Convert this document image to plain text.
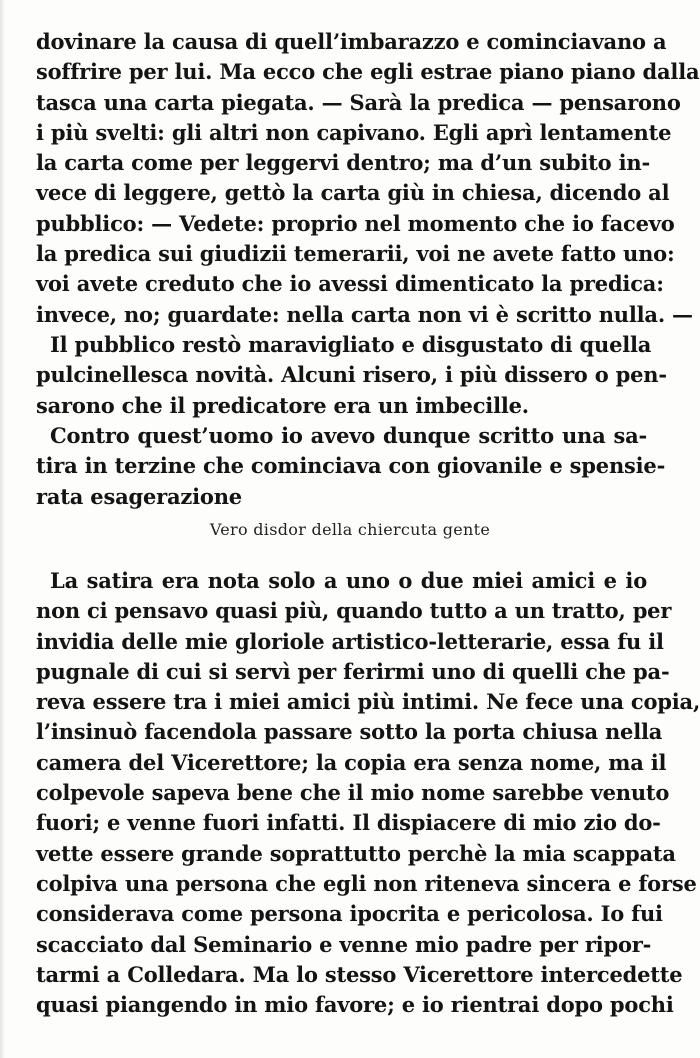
dovinare la causa di quell’imbarazzo e cominciavano a
soffrire per lui. Ma ecco che egli estrae piano piano dalla
tasca una carta piegata. — Sarà la predica — pensarono
i più svelti: gli altri non capivano. Egli aprì lentamente
la carta come per leggervi dentro; ma d’un subito in-
vece di leggere, gettò la carta giù in chiesa, dicendo al
pubblico: — Vedete: proprio nel momento che io facevo
la predica sui giudizii temerarii, voi ne avete fatto uno:
voi avete creduto che io avessi dimenticato la predica:
invece, no; guardate: nella carta non vi è scritto nulla. —
Il pubblico restò maravigliato e disgustato di quella
pulcinellesca novità. Alcuni risero, i più dissero o pen-
sarono che il predicatore era un imbecille.
Contro quest’uomo io avevo dunque scritto una sa-
tira in terzine che cominciava con giovanile e spensie-
rata esagerazione
Vero disdor della chiercuta gente
La satira era nota solo a uno o due miei amici e io
non ci pensavo quasi più, quando tutto a un tratto, per
invidia delle mie gloriole artistico-letterarie, essa fu il
pugnale di cui si servì per ferirmi uno di quelli che pa-
reva essere tra i miei amici più intimi. Ne fece una copia,
l’insinuò facendola passare sotto la porta chiusa nella
camera del Vicerettore; la copia era senza nome, ma il
colpevole sapeva bene che il mio nome sarebbe venuto
fuori; e venne fuori infatti. Il dispiacere di mio zio do-
vette essere grande soprattutto perchè la mia scappata
colpiva una persona che egli non riteneva sincera e forse
considerava come persona ipocrita e pericolosa. Io fui
scacciato dal Seminario e venne mio padre per ripor-
tarmi a Colledara. Ma lo stesso Vicerettore intercedette
quasi piangendo in mio favore; e io rientrai dopo pochi
